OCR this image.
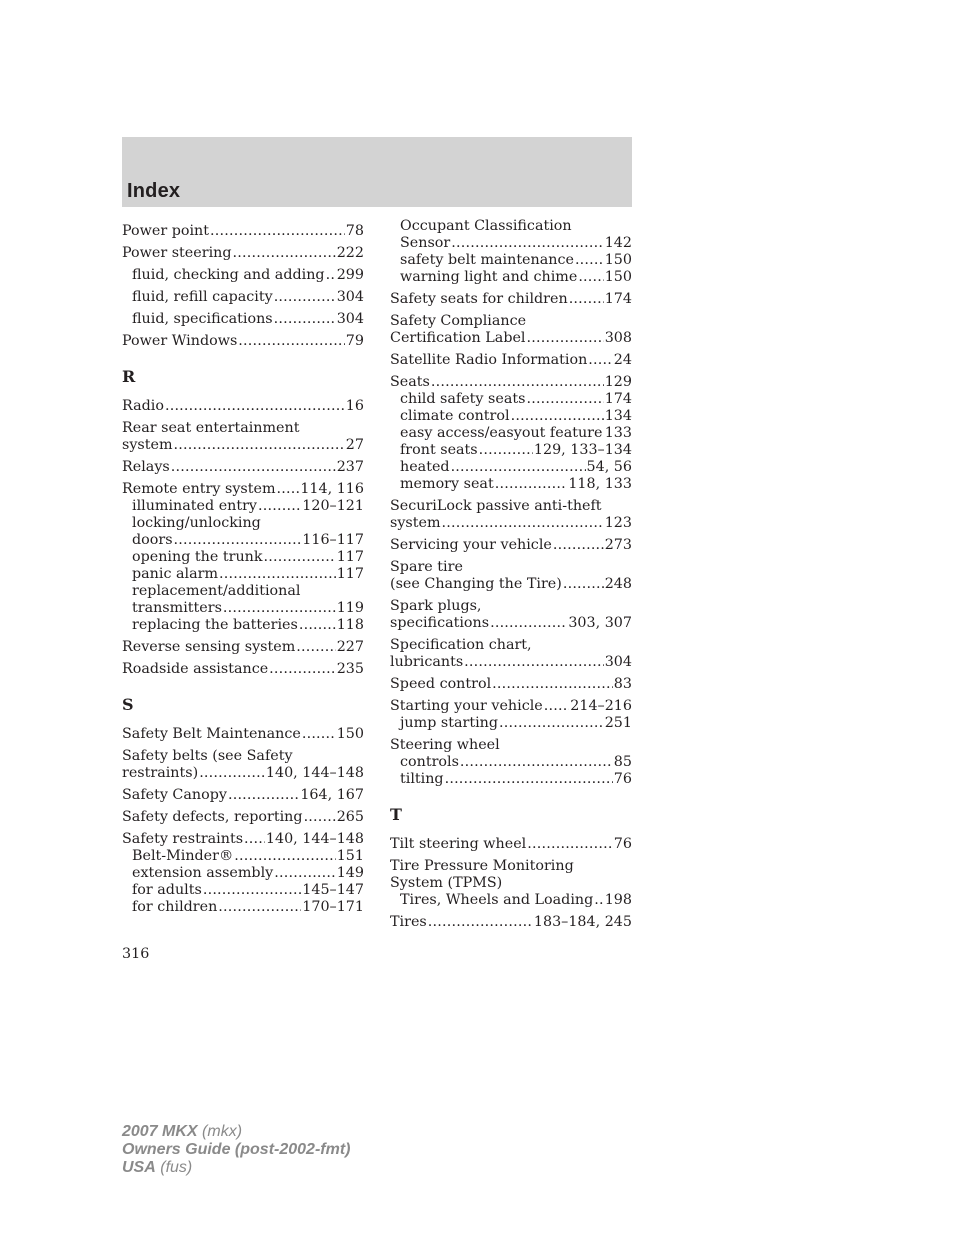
Index
Power point .....	78
Power steering .....	222
fluid, checking and adding ..... 299
fluid, refill capacity .....	304
fluid, specifications .....	304
Power Windows .....	79
R
Radio .....	16
Rear seat entertainment
system .....	27
Relays .....	237
Remote entry system ..... 114, 116
illuminated entry .....	120–121
locking/unlocking
doors .....	116–117
opening the trunk .....	117
panic alarm .....	117
replacement/additional
transmitters .....	119
replacing the batteries .....	118
Reverse sensing system .....	227
Roadside assistance .....	235
S
Safety Belt Maintenance .....	150
Safety belts (see Safety
restraints) .....	140, 144–148
Safety Canopy .....	164, 167
Safety defects, reporting ..... 265
Safety restraints ..... 140, 144–148
Belt-Minder® .....	151
extension assembly .....	149
for adults .....	145–147
for children .....	170–171
Occupant Classification
Sensor .....	142
safety belt maintenance ..... 150
warning light and chime ..... 150
Safety seats for children .....	174
Safety Compliance
Certification Label .....	308
Satellite Radio Information ..... 24
Seats .....	129
child safety seats .....	174
climate control .....	134
easy access/easyout feature ..... 133
front seats .....	129, 133–134
heated .....	54, 56
memory seat .....	118, 133
SecuriLock passive anti-theft
system .....	123
Servicing your vehicle .....	273
Spare tire
(see Changing the Tire) .....	248
Spark plugs,
specifications .....	303, 307
Specification chart,
lubricants .....	304
Speed control .....	83
Starting your vehicle ..... 214–216
jump starting .....	251
Steering wheel
controls .....	85
tilting .....	76
T
Tilt steering wheel .....	76
Tire Pressure Monitoring
System (TPMS)
Tires, Wheels and Loading ..... 198
Tires .....	183–184, 245
316
2007 MKX (mkx)
Owners Guide (post-2002-fmt)
USA (fus)
